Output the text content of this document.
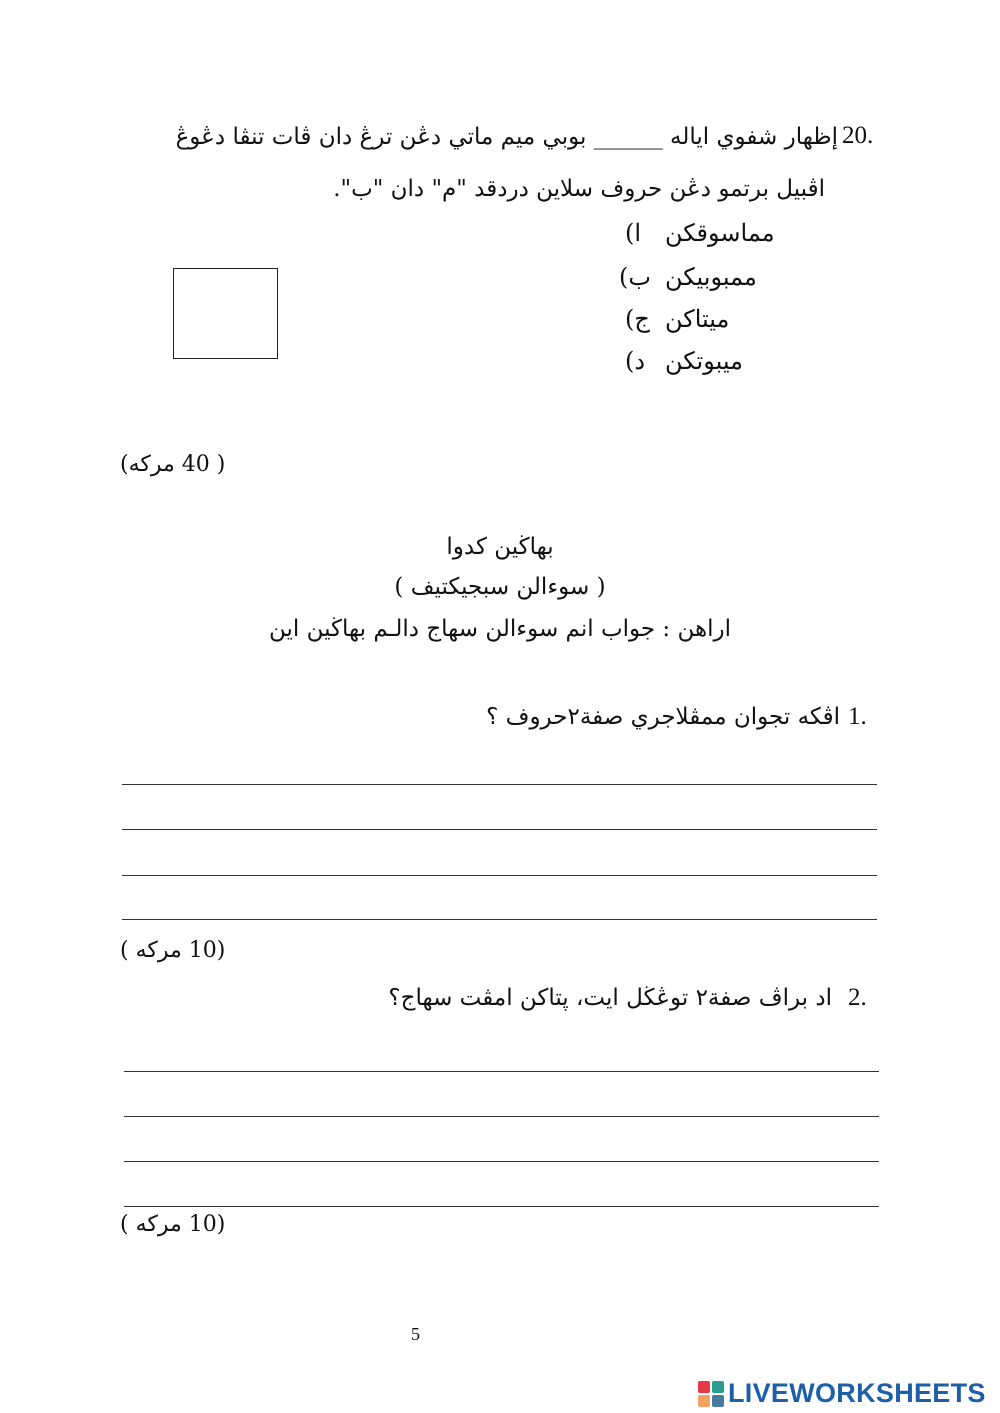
20.
إظهار شفوي اياله ______ بوبي ميم ماتي دڠن ترڠ دان ڤات تنڤا دڠوڠ
اڤبيل برتمو دڠن حروف سلاين دردقد "م" دان "ب".
ا) مماسوقكن
ب) ممبوبيكن
ج) ميتاكن
د) ميبوتكن
( 40 مركه)
بهاڬين كدوا
( سوءالن سبجيكتيف )
اراهن : جواب انم سوءالن سهاج دالـم بهاڬين اين
1.
اڤكه تجوان ممڤلاجري صفة٢حروف ؟
(10 مركه )
2.
اد براڤ صفة٢ توڠڬل ايت، ڽتاكن امڤت سهاج؟
(10 مركه )
5
LIVEWORKSHEETS
